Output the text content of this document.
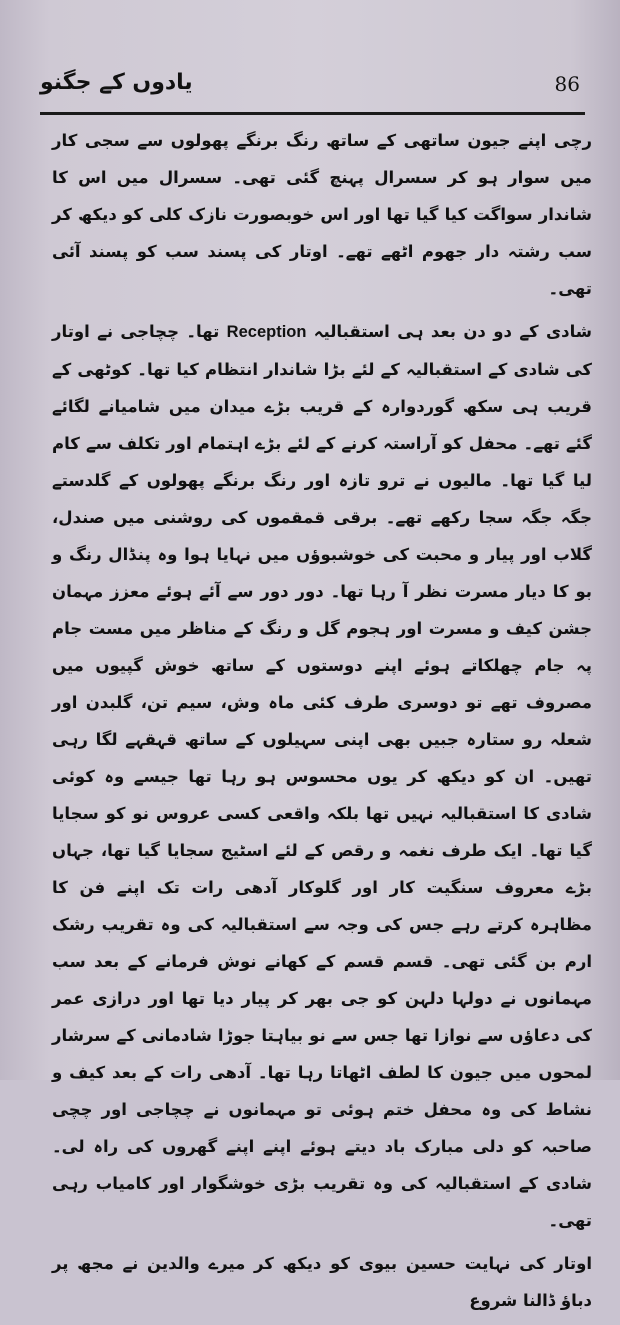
یادوں کے جگنو	86

رچی اپنے جیون ساتھی کے ساتھ رنگ برنگے پھولوں سے سجی کار میں سوار ہو کر سسرال پہنچ گئی تھی۔ سسرال میں اس کا شاندار سواگت کیا گیا تھا اور اس خوبصورت نازک کلی کو دیکھ کر سب رشتہ دار جھوم اٹھے تھے۔ اوتار کی پسند سب کو پسند آئی تھی۔

شادی کے دو دن بعد ہی استقبالیہ Reception تھا۔ چچاجی نے اوتار کی شادی کے استقبالیہ کے لئے بڑا شاندار انتظام کیا تھا۔ کوٹھی کے قریب ہی سکھ گوردوارہ کے قریب بڑے میدان میں شامیانے لگائے گئے تھے۔ محفل کو آراستہ کرنے کے لئے بڑے اہتمام اور تکلف سے کام لیا گیا تھا۔ مالیوں نے ترو تازہ اور رنگ برنگے پھولوں کے گلدستے جگہ جگہ سجا رکھے تھے۔ برقی قمقموں کی روشنی میں صندل، گلاب اور پیار و محبت کی خوشبوؤں میں نہایا ہوا وہ پنڈال رنگ و بو کا دیار مسرت نظر آ رہا تھا۔ دور دور سے آئے ہوئے معزز مہمان جشن کیف و مسرت اور ہجوم گل و رنگ کے مناظر میں مست جام پہ جام چھلکاتے ہوئے اپنے دوستوں کے ساتھ خوش گپیوں میں مصروف تھے تو دوسری طرف کئی ماہ وش، سیم تن، گلبدن اور شعلہ رو ستارہ جبیں بھی اپنی سہیلوں کے ساتھ قہقہے لگا رہی تھیں۔ ان کو دیکھ کر یوں محسوس ہو رہا تھا جیسے وہ کوئی شادی کا استقبالیہ نہیں تھا بلکہ واقعی کسی عروس نو کو سجایا گیا تھا۔ ایک طرف نغمہ و رقص کے لئے اسٹیج سجایا گیا تھا، جہاں بڑے معروف سنگیت کار اور گلوکار آدھی رات تک اپنے فن کا مظاہرہ کرتے رہے جس کی وجہ سے استقبالیہ کی وہ تقریب رشک ارم بن گئی تھی۔ قسم قسم کے کھانے نوش فرمانے کے بعد سب مہمانوں نے دولہا دلہن کو جی بھر کر پیار دیا تھا اور درازی عمر کی دعاؤں سے نوازا تھا جس سے نو بیاہتا جوڑا شادمانی کے سرشار لمحوں میں جیون کا لطف اٹھاتا رہا تھا۔ آدھی رات کے بعد کیف و نشاط کی وہ محفل ختم ہوئی تو مہمانوں نے چچاجی اور چچی صاحبہ کو دلی مبارک باد دیتے ہوئے اپنے اپنے گھروں کی راہ لی۔ شادی کے استقبالیہ کی وہ تقریب بڑی خوشگوار اور کامیاب رہی تھی۔

اوتار کی نہایت حسین بیوی کو دیکھ کر میرے والدین نے مجھ پر دباؤ ڈالنا شروع
